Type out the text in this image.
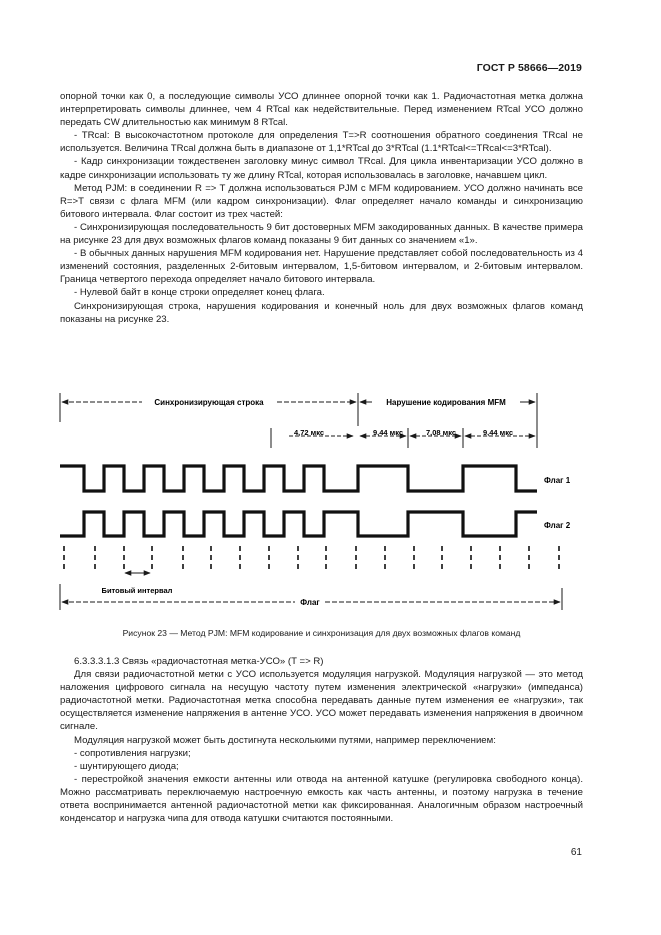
ГОСТ Р 58666—2019

опорной точки как 0, а последующие символы УСО длиннее опорной точки как 1. Радиочастотная метка должна интерпретировать символы длиннее, чем 4 RTcal как недействительные. Перед изменением RTcal УСО должно передать CW длительностью как минимум 8 RTcal.

- TRcal: В высокочастотном протоколе для определения T=>R соотношения обратного соединения TRcal не используется. Величина TRcal должна быть в диапазоне от 1,1*RTcal до 3*RTcal (1.1*RTcal<=TRcal<=3*RTcal).

- Кадр синхронизации тождественен заголовку минус символ TRcal. Для цикла инвентаризации УСО должно в кадре синхронизации использовать ту же длину RTcal, которая использовалась в заголовке, начавшем цикл.

Метод PJM: в соединении R => T должна использоваться PJM с MFM кодированием. УСО должно начинать все R=>T связи с флага MFM (или кадром синхронизации). Флаг определяет начало команды и синхронизацию битового интервала. Флаг состоит из трех частей:

- Синхронизирующая последовательность 9 бит достоверных MFM закодированных данных. В качестве примера на рисунке 23 для двух возможных флагов команд показаны 9 бит данных со значением «1».

- В обычных данных нарушения MFM кодирования нет. Нарушение представляет собой последовательность из 4 изменений состояния, разделенных 2-битовым интервалом, 1,5-битовом интервалом, и 2-битовым интервалом. Граница четвертого перехода определяет начало битового интервала.

- Нулевой байт в конце строки определяет конец флага.

Синхронизирующая строка, нарушения кодирования и конечный ноль для двух возможных флагов команд показаны на рисунке 23.

Синхронизирующая строка	Нарушение кодирования MFM
4,72 мкс	9,44 мкс	7,08 мкс	9,44 мкс
Флаг 1
Флаг 2
Битовый интервал
Флаг
Рисунок 23 — Метод PJM: MFM кодирование и синхронизация для двух возможных флагов команд

6.3.3.3.1.3 Связь «радиочастотная метка-УСО» (T => R)

Для связи радиочастотной метки с УСО используется модуляция нагрузкой. Модуляция нагрузкой — это метод наложения цифрового сигнала на несущую частоту путем изменения электрической «нагрузки» (импеданса) радиочастотной метки. Радиочастотная метка способна передавать данные путем изменения ее «нагрузки», так осуществляется изменение напряжения в антенне УСО. УСО может передавать изменения напряжения в двоичном сигнале.

Модуляция нагрузкой может быть достигнута несколькими путями, например переключением:

- сопротивления нагрузки;

- шунтирующего диода;

- перестройкой значения емкости антенны или отвода на антенной катушке (регулировка свободного конца). Можно рассматривать переключаемую настроечную емкость как часть антенны, и поэтому нагрузка в течение ответа воспринимается антенной радиочастотной метки как фиксированная. Аналогичным образом настроечный конденсатор и нагрузка чипа для отвода катушки считаются постоянными.

61
